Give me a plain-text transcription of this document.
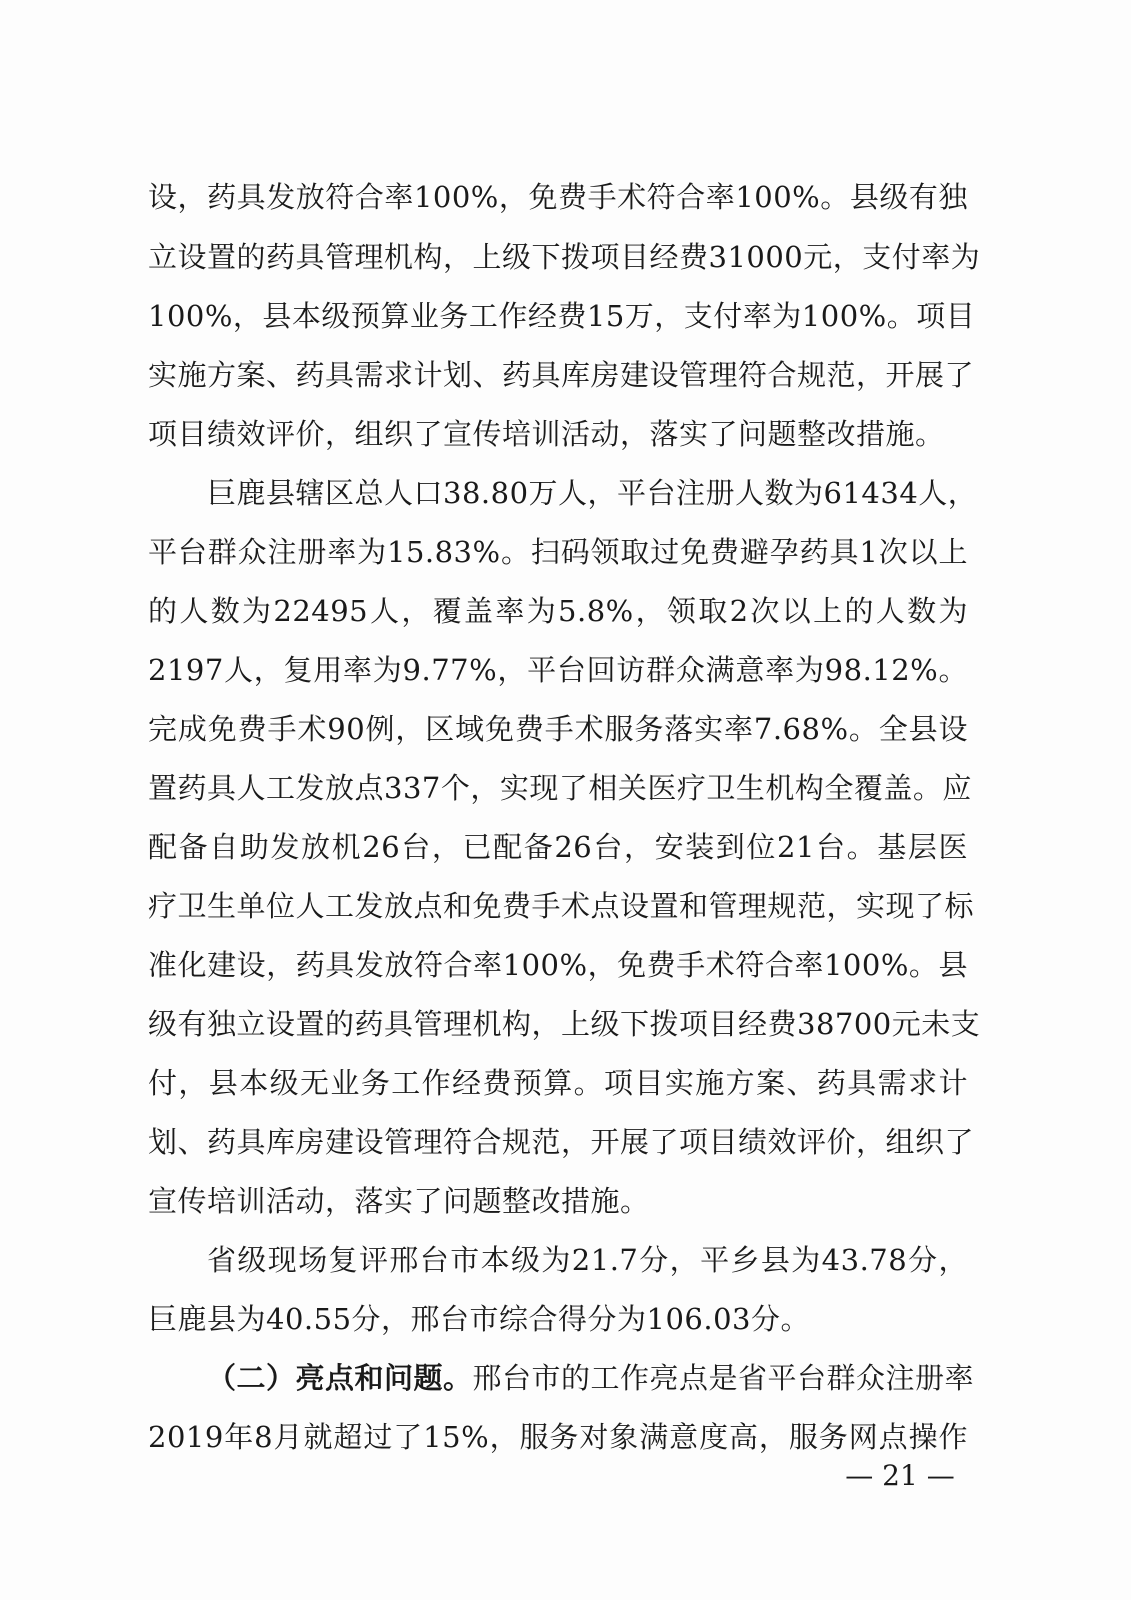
设，药具发放符合率100%，免费手术符合率100%。县级有独
立设置的药具管理机构，上级下拨项目经费31000元，支付率为
100%，县本级预算业务工作经费15万，支付率为100%。项目
实施方案、药具需求计划、药具库房建设管理符合规范，开展了
项目绩效评价，组织了宣传培训活动，落实了问题整改措施。
巨鹿县辖区总人口38.80万人，平台注册人数为61434人，
平台群众注册率为15.83%。扫码领取过免费避孕药具1次以上
的人数为22495人，覆盖率为5.8%，领取2次以上的人数为
2197人，复用率为9.77%，平台回访群众满意率为98.12%。
完成免费手术90例，区域免费手术服务落实率7.68%。全县设
置药具人工发放点337个，实现了相关医疗卫生机构全覆盖。应
配备自助发放机26台，已配备26台，安装到位21台。基层医
疗卫生单位人工发放点和免费手术点设置和管理规范，实现了标
准化建设，药具发放符合率100%，免费手术符合率100%。县
级有独立设置的药具管理机构，上级下拨项目经费38700元未支
付，县本级无业务工作经费预算。项目实施方案、药具需求计
划、药具库房建设管理符合规范，开展了项目绩效评价，组织了
宣传培训活动，落实了问题整改措施。
省级现场复评邢台市本级为21.7分，平乡县为43.78分，
巨鹿县为40.55分，邢台市综合得分为106.03分。
（二）亮点和问题。邢台市的工作亮点是省平台群众注册率
2019年8月就超过了15%，服务对象满意度高，服务网点操作
— 21 —
